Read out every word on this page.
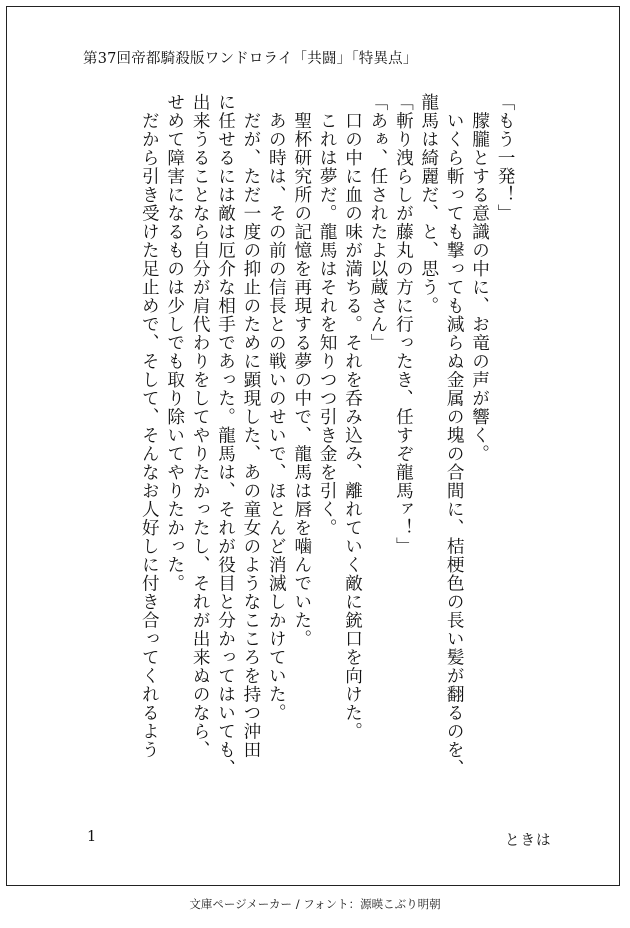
第37回帝都騎殺版ワンドロライ「共闘」「特異点」
「もう一発！」
　朦朧とする意識の中に、お竜の声が響く。
　いくら斬っても撃っても減らぬ金属の塊の合間に、桔梗色の長い髪が翻るのを、
龍馬は綺麗だ、と、思う。
「斬り洩らしが藤丸の方に行ったき、任すぞ龍馬ァ！」
「あぁ、任されたよ以蔵さん」
　口の中に血の味が満ちる。それを呑み込み、離れていく敵に銃口を向けた。
　これは夢だ。龍馬はそれを知りつつ引き金を引く。
　聖杯研究所の記憶を再現する夢の中で、龍馬は唇を噛んでいた。
　あの時は、その前の信長との戦いのせいで、ほとんど消滅しかけていた。
　だが、ただ一度の抑止のために顕現した、あの童女のようなこころを持つ沖田
に任せるには敵は厄介な相手であった。龍馬は、それが役目と分かってはいても、
出来うることなら自分が肩代わりをしてやりたかったし、それが出来ぬのなら、
せめて障害になるものは少しでも取り除いてやりたかった。
　だから引き受けた足止めで、そして、そんなお人好しに付き合ってくれるよう
1	ときは
文庫ページメーカー / フォント：源暎こぶり明朝
